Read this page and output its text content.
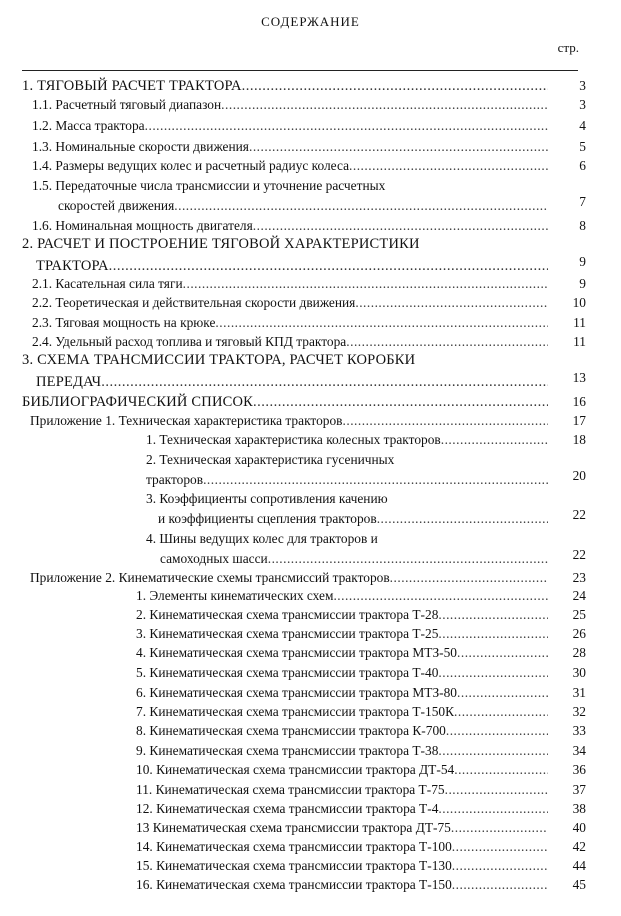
СОДЕРЖАНИЕ
стр.
1. ТЯГОВЫЙ РАСЧЕТ ТРАКТОРА .....	3
1.1. Расчетный тяговый диапазон .....	3
1.2. Масса трактора .....	4
1.3. Номинальные скорости движения .....	5
1.4. Размеры ведущих колес и расчетный радиус колеса .....	6
1.5. Передаточные числа трансмиссии и уточнение расчетных
скоростей движения .....	7
1.6. Номинальная мощность двигателя .....	8
2. РАСЧЕТ И ПОСТРОЕНИЕ ТЯГОВОЙ ХАРАКТЕРИСТИКИ
ТРАКТОРА .....	9
2.1. Касательная сила тяги .....	9
2.2. Теоретическая и действительная скорости движения .....	10
2.3. Тяговая мощность на крюке .....	11
2.4. Удельный расход топлива и тяговый КПД трактора .....	11
3. СХЕМА ТРАНСМИССИИ ТРАКТОРА, РАСЧЕТ КОРОБКИ
ПЕРЕДАЧ .....	13
БИБЛИОГРАФИЧЕСКИЙ СПИСОК .....	16
Приложение 1. Техническая характеристика тракторов .....	17
1. Техническая характеристика колесных тракторов .....	18
2. Техническая характеристика гусеничных
тракторов .....	20
3. Коэффициенты сопротивления качению
и коэффициенты сцепления тракторов .....	22
4. Шины ведущих колес для тракторов и
самоходных шасси .....	22
Приложение 2. Кинематические схемы трансмиссий тракторов .....	23
1. Элементы кинематических схем .....	24
2. Кинематическая схема трансмиссии трактора Т-28 .....	25
3. Кинематическая схема трансмиссии трактора Т-25 .....	26
4. Кинематическая схема трансмиссии трактора МТЗ-50 .....	28
5. Кинематическая схема трансмиссии трактора Т-40 .....	30
6. Кинематическая схема трансмиссии трактора МТЗ-80 .....	31
7. Кинематическая схема трансмиссии трактора Т-150К .....	32
8. Кинематическая схема трансмиссии трактора К-700 .....	33
9. Кинематическая схема трансмиссии трактора Т-38 .....	34
10. Кинематическая схема трансмиссии трактора ДТ-54 .....	36
11. Кинематическая схема трансмиссии трактора Т-75 .....	37
12. Кинематическая схема трансмиссии трактора Т-4 .....	38
13 Кинематическая схема трансмиссии трактора ДТ-75 .....	40
14. Кинематическая схема трансмиссии трактора Т-100 .....	42
15. Кинематическая схема трансмиссии трактора Т-130 .....	44
16. Кинематическая схема трансмиссии трактора Т-150 .....	45
